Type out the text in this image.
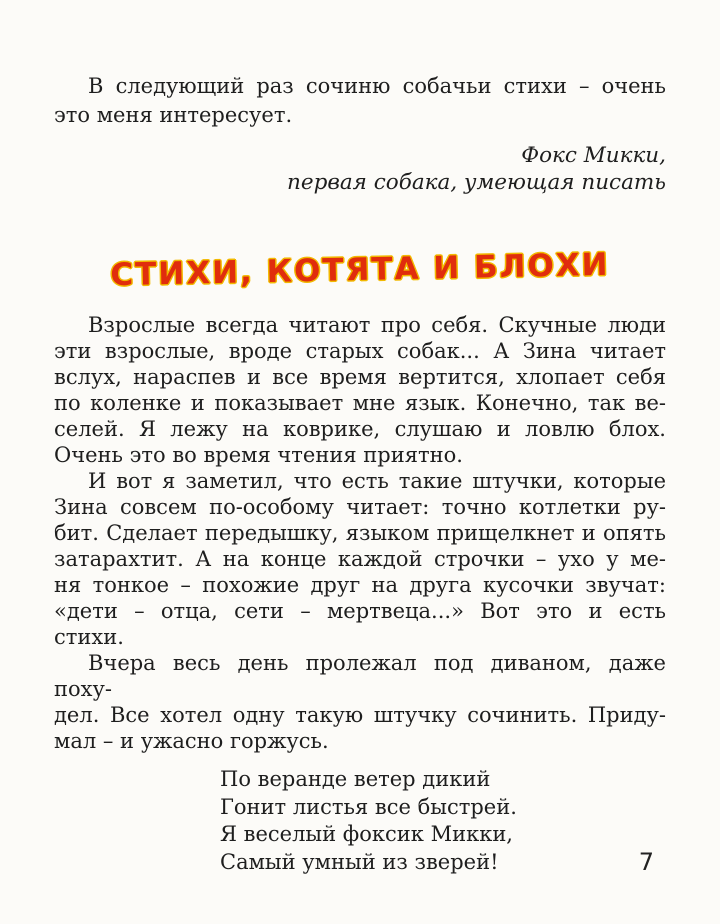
В следующий раз сочиню собачьи стихи – очень
это меня интересует.
Фокс Микки,
первая собака, умеющая писать
СТИХИ, КОТЯТА И БЛОХИ
Взрослые всегда читают про себя. Скучные люди
эти взрослые, вроде старых собак... А Зина читает
вслух, нараспев и все время вертится, хлопает себя
по коленке и показывает мне язык. Конечно, так ве-
селей. Я лежу на коврике, слушаю и ловлю блох.
Очень это во время чтения приятно.
И вот я заметил, что есть такие штучки, которые
Зина совсем по-особому читает: точно котлетки ру-
бит. Сделает передышку, языком прищелкнет и опять
затарахтит. А на конце каждой строчки – ухо у ме-
ня тонкое – похожие друг на друга кусочки звучат:
«дети – отца, сети – мертвеца...» Вот это и есть
стихи.
Вчера весь день пролежал под диваном, даже поху-
дел. Все хотел одну такую штучку сочинить. Приду-
мал – и ужасно горжусь.
По веранде ветер дикий
Гонит листья все быстрей.
Я веселый фоксик Микки,
Самый умный из зверей!	7
